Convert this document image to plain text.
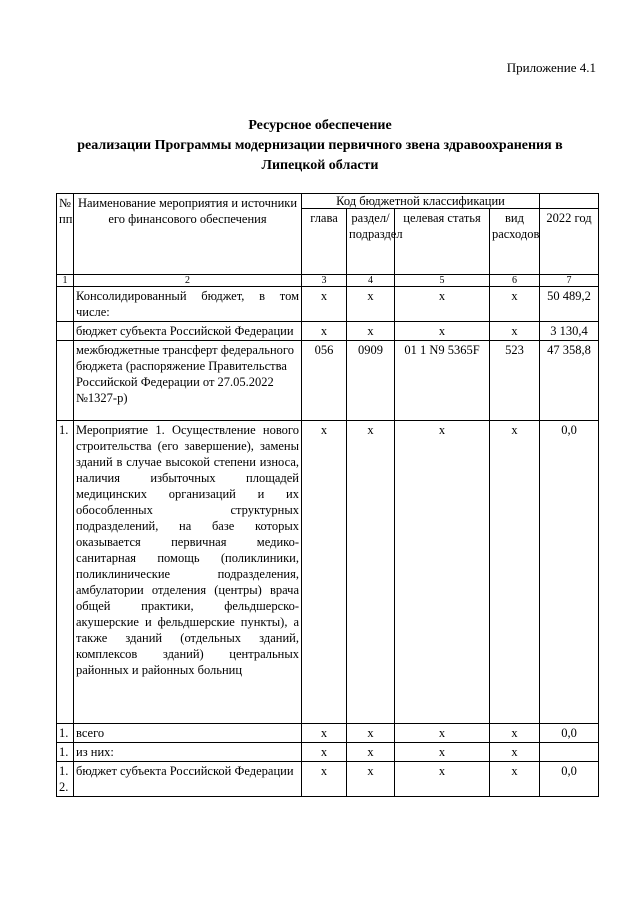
Приложение 4.1
Ресурсное обеспечение
реализации Программы модернизации первичного звена здравоохранения в
Липецкой области
№ пп	Наименование мероприятия и источники его финансового обеспечения	Код бюджетной классификации				
		глава	раздел/подраздел	целевая статья	вид расходов	2022 год
1	2	3	4	5	6	7
	Консолидированный бюджет, в том числе:	х	х	х	х	50 489,2
	бюджет субъекта Российской Федерации	х	х	х	х	3 130,4
	межбюджетные трансферт федерального бюджета (распоряжение Правительства Российской Федерации от 27.05.2022 №1327-р)	056	0909	01 1 N9 5365F	523	47 358,8
1.	Мероприятие 1. Осуществление нового строительства (его завершение), замены зданий в случае высокой степени износа, наличия избыточных площадей медицинских организаций и их обособленных структурных подразделений, на базе которых оказывается первичная медико-санитарная помощь (поликлиники, поликлинические подразделения, амбулатории отделения (центры) врача общей практики, фельдшерско-акушерские и фельдшерские пункты), а также зданий (отдельных зданий, комплексов зданий) центральных районных и районных больниц	х	х	х	х	0,0
1.	всего	х	х	х	х	0,0
1.	из них:	х	х	х	х	
1. 2.	бюджет субъекта Российской Федерации	х	х	х	х	0,0
